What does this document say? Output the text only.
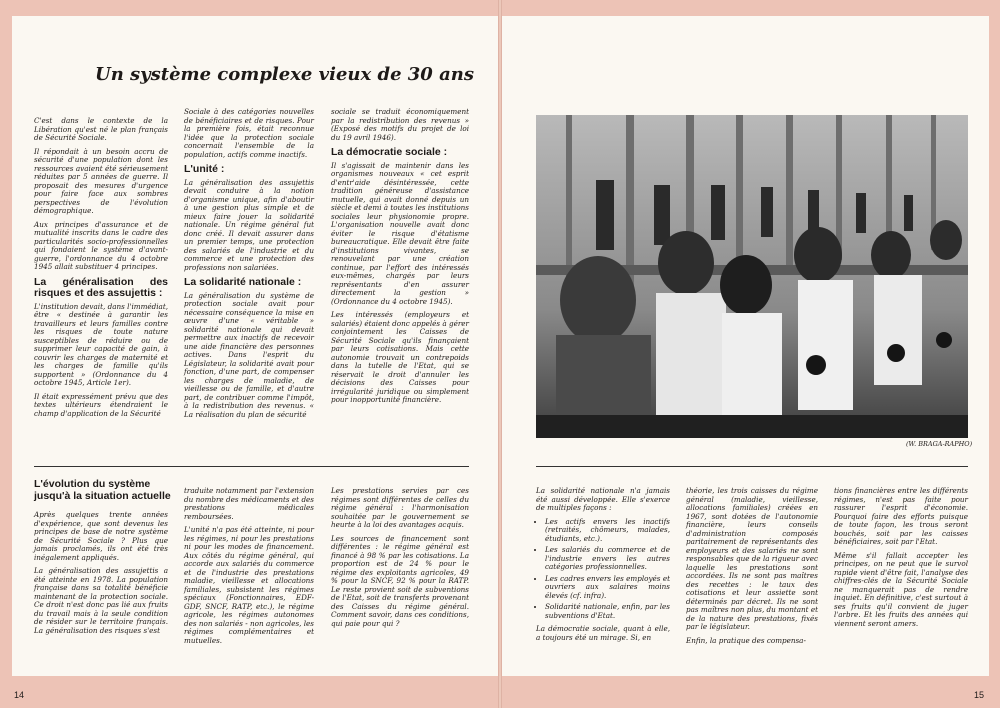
Un système complexe vieux de 30 ans

C'est dans le contexte de la Libération qu'est né le plan français de Sécurité Sociale.

Il répondait à un besoin accru de sécurité d'une population dont les ressources avaient été sérieusement réduites par 5 années de guerre. Il proposait des mesures d'urgence pour faire face aux sombres perspectives de l'évolution démographique.

Aux principes d'assurance et de mutualité inscrits dans le cadre des particularités socio-professionnelles qui fondaient le système d'avant-guerre, l'ordonnance du 4 octobre 1945 allait substituer 4 principes.

La généralisation des risques et des assujettis :

L'institution devait, dans l'immédiat, être « destinée à garantir les travailleurs et leurs familles contre les risques de toute nature susceptibles de réduire ou de supprimer leur capacité de gain, à couvrir les charges de maternité et les charges de famille qu'ils supportent » (Ordonnance du 4 octobre 1945, Article 1er).

Il était expressément prévu que des textes ultérieurs étendraient le champ d'application de la Sécurité

Sociale à des catégories nouvelles de bénéficiaires et de risques. Pour la première fois, était reconnue l'idée que la protection sociale concernait l'ensemble de la population, actifs comme inactifs.

L'unité :

La généralisation des assujettis devait conduire à la notion d'organisme unique, afin d'aboutir à une gestion plus simple et de mieux faire jouer la solidarité nationale. Un régime général fut donc créé. Il devait assurer dans un premier temps, une protection des salariés de l'industrie et du commerce et une protection des professions non salariées.

La solidarité nationale :

La généralisation du système de protection sociale avait pour nécessaire conséquence la mise en œuvre d'une « véritable » solidarité nationale qui devait permettre aux inactifs de recevoir une aide financière des personnes actives. Dans l'esprit du Législateur, la solidarité avait pour fonction, d'une part, de compenser les charges de maladie, de vieillesse ou de famille, et d'autre part, de contribuer comme l'impôt, à la redistribution des revenus. « La réalisation du plan de sécurité

sociale se traduit économiquement par la redistribution des revenus » (Exposé des motifs du projet de loi du 19 avril 1946).

La démocratie sociale :

Il s'agissait de maintenir dans les organismes nouveaux « cet esprit d'entr'aide désintéressée, cette tradition généreuse d'assistance mutuelle, qui avait donné depuis un siècle et demi à toutes les institutions sociales leur physionomie propre. L'organisation nouvelle avait donc éviter le risque d'étatisme bureaucratique. Elle devait être faite d'institutions vivantes, se renouvelant par une création continue, par l'effort des intéressés eux-mêmes, chargés par leurs représentants d'en assurer directement la gestion » (Ordonnance du 4 octobre 1945).

Les intéressés (employeurs et salariés) étaient donc appelés à gérer conjointement les Caisses de Sécurité Sociale qu'ils finançaient par leurs cotisations. Mais cette autonomie trouvait un contrepoids dans la tutelle de l'Etat, qui se réservait le droit d'annuler les décisions des Caisses pour irrégularité juridique ou simplement pour inopportunité financière.

(W. BRAGA-RAPHO)
L'évolution du système jusqu'à la situation actuelle

Après quelques trente années d'expérience, que sont devenus les principes de base de notre système de Sécurité Sociale ? Plus que jamais proclamés, ils ont été très inégalement appliqués.

La généralisation des assujettis a été atteinte en 1978. La population française dans sa totalité bénéficie maintenant de la protection sociale. Ce droit n'est donc pas lié aux fruits du travail mais à la seule condition de résider sur le territoire français. La généralisation des risques s'est

traduite notamment par l'extension du nombre des médicaments et des prestations médicales remboursées.

L'unité n'a pas été atteinte, ni pour les régimes, ni pour les prestations ni pour les modes de financement. Aux côtés du régime général, qui accorde aux salariés du commerce et de l'industrie des prestations maladie, vieillesse et allocations familiales, subsistent les régimes spéciaux (Fonctionnaires, EDF-GDF, SNCF, RATP, etc.), le régime agricole, les régimes autonomes des non salariés - non agricoles, les régimes complémentaires et mutuelles.

Les prestations servies par ces régimes sont différentes de celles du régime général : l'harmonisation souhaitée par le gouvernement se heurte à la loi des avantages acquis.

Les sources de financement sont différentes : le régime général est financé à 98 % par les cotisations. La proportion est de 24 % pour le régime des exploitants agricoles, 49 % pour la SNCF, 92 % pour la RATP. Le reste provient soit de subventions de l'Etat, soit de transferts provenant des Caisses du régime général. Comment savoir, dans ces conditions, qui paie pour qui ?

La solidarité nationale n'a jamais été aussi développée. Elle s'exerce de multiples façons :

• Les actifs envers les inactifs (retraités, chômeurs, malades, étudiants, etc.).
• Les salariés du commerce et de l'industrie envers les autres catégories professionnelles.
• Les cadres envers les employés et ouvriers aux salaires moins élevés (cf. infra).
• Solidarité nationale, enfin, par les subventions d'Etat.

La démocratie sociale, quant à elle, a toujours été un mirage. Si, en

théorie, les trois caisses du régime général (maladie, vieillesse, allocations familiales) créées en 1967, sont dotées de l'autonomie financière, leurs conseils d'administration composés paritairement de représentants des employeurs et des salariés ne sont responsables que de la rigueur avec laquelle les prestations sont accordées. Ils ne sont pas maîtres des recettes : le taux des cotisations et leur assiette sont déterminés par décret. Ils ne sont pas maîtres non plus, du montant et de la nature des prestations, fixés par le législateur.

Enfin, la pratique des compensa-

tions financières entre les différents régimes, n'est pas faite pour rassurer l'esprit d'économie. Pourquoi faire des efforts puisque de toute façon, les trous seront bouchés, soit par les caisses bénéficiaires, soit par l'Etat.

Même s'il fallait accepter les principes, on ne peut que le survol rapide vient d'être fait, l'analyse des chiffres-clés de la Sécurité Sociale ne manquerait pas de rendre inquiet. En définitive, c'est surtout à ses fruits qu'il convient de juger l'arbre. Et les fruits des années qui viennent seront amers.

14	15
